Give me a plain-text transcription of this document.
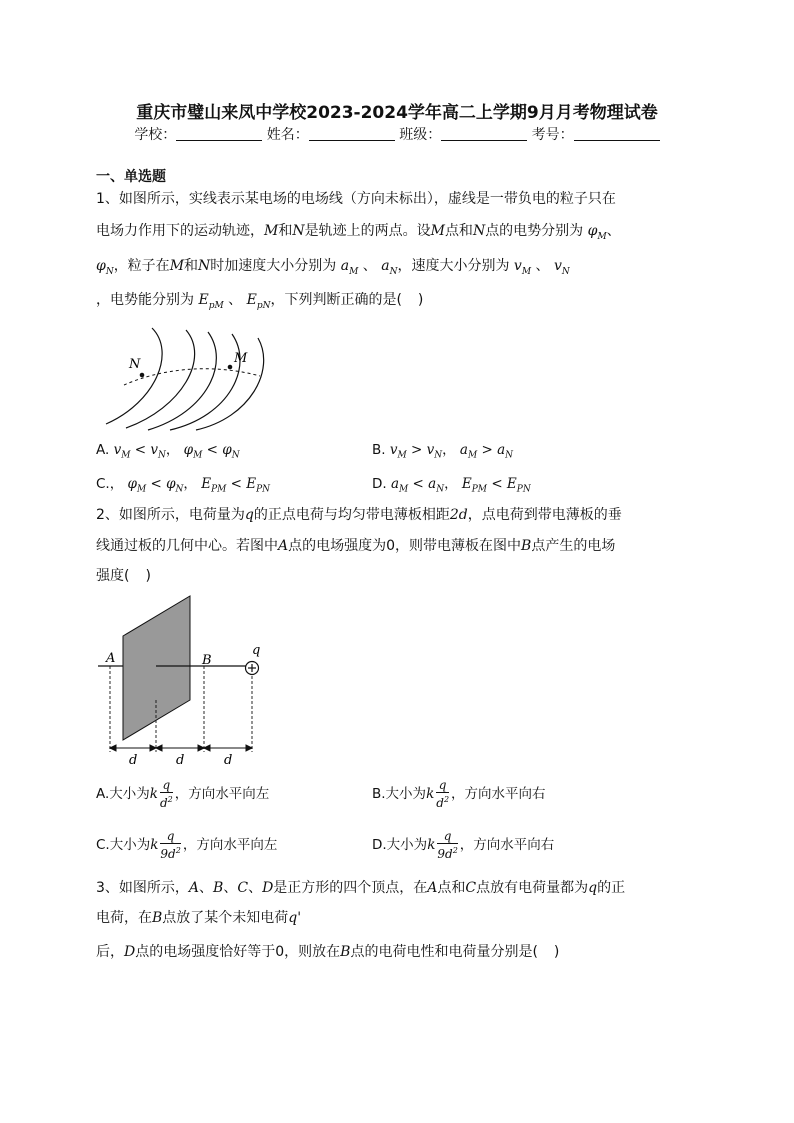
重庆市璧山来凤中学校2023-2024学年高二上学期9月月考物理试卷
学校：	姓名：	班级：	考号：
一、单选题
1、如图所示，实线表示某电场的电场线（方向未标出），虚线是一带负电的粒子只在
电场力作用下的运动轨迹，M和N是轨迹上的两点。设M点和N点的电势分别为 $\varphi_M$、
$\varphi_N$，粒子在M和N时加速度大小分别为 $a_M$ 、 $a_N$，速度大小分别为 $v_M$ 、 $v_N$
，电势能分别为 $E_{pM}$ 、 $E_{pN}$，下列判断正确的是( )
N	M
A. $v_M < v_N$， $\varphi_M < \varphi_N$	B. $v_M > v_N$， $a_M > a_N$
C.， $\varphi_M < \varphi_N$， $E_{PM} < E_{PN}$	D. $a_M < a_N$， $E_{PM} < E_{PN}$
2、如图所示，电荷量为q的正点电荷与均匀带电薄板相距2d，点电荷到带电薄板的垂
线通过板的几何中心。若图中A点的电场强度为0，则带电薄板在图中B点产生的电场
强度( )
A	B
q
d	d	d
A.大小为k $\frac{q}{d^2}$ ，方向水平向左	B.大小为k $\frac{q}{d^2}$ ，方向水平向右
C.大小为k $\frac{q}{9d^2}$ ，方向水平向左	D.大小为k $\frac{q}{9d^2}$ ，方向水平向右
3、如图所示，A、B、C、D是正方形的四个顶点，在A点和C点放有电荷量都为q的正
电荷，在B点放了某个未知电荷q'
后，D点的电场强度恰好等于0，则放在B点的电荷电性和电荷量分别是( )
